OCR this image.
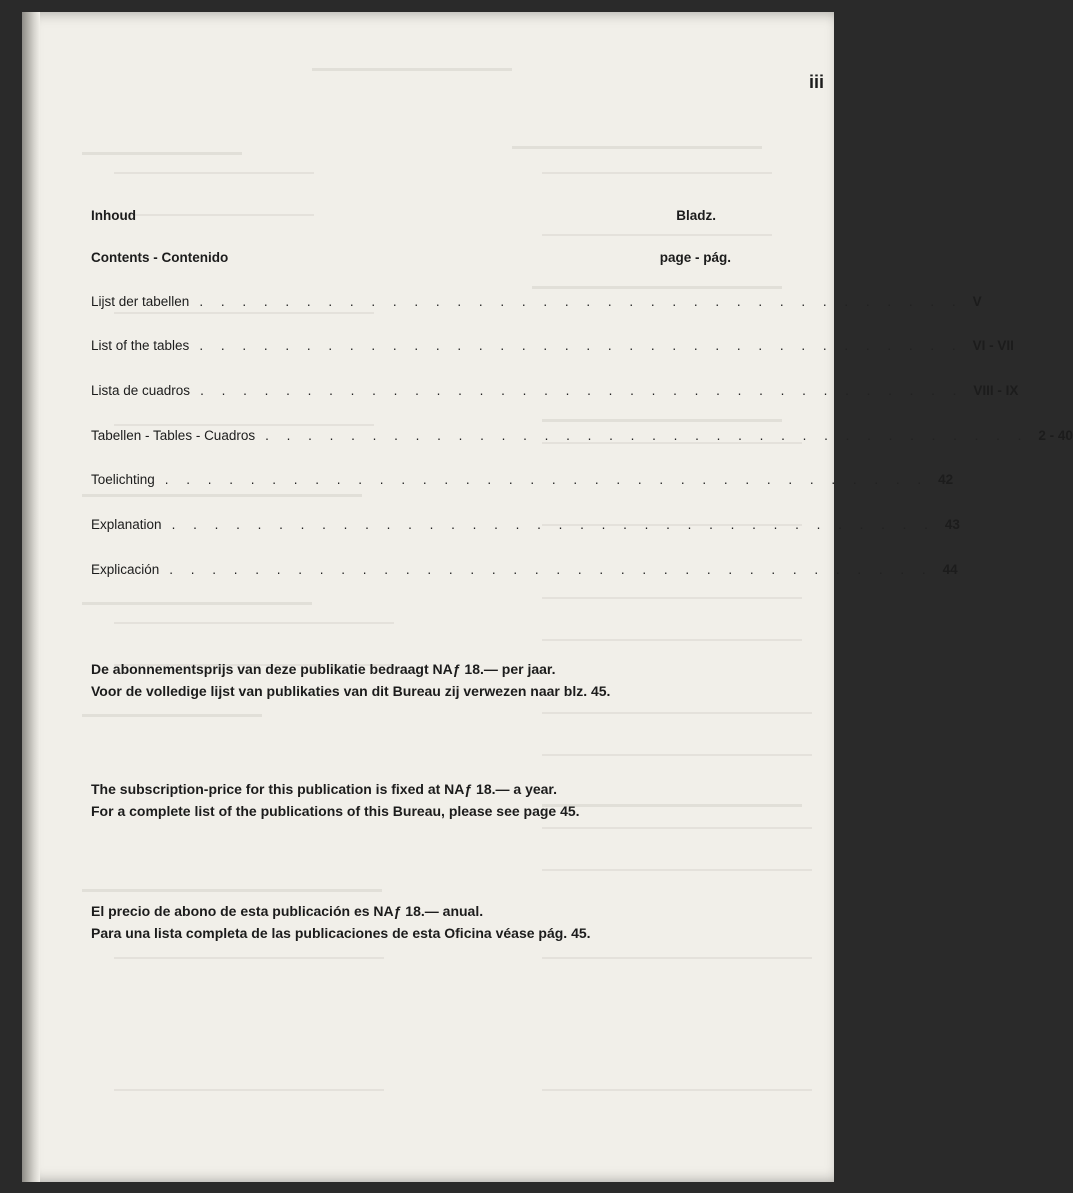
iii
Inhoud	Bladz.
Contents - Contenido	page - pág.
Lijst der tabellen . . . . . . . . . . . . . . . . . . . . . . . . . . . . . . . . . . . . V
List of the tables . . . . . . . . . . . . . . . . . . . . . . . . . . . . . . . . . . . . VI - VII
Lista de cuadros . . . . . . . . . . . . . . . . . . . . . . . . . . . . . . . . . . . . VIII - IX
Tabellen - Tables - Cuadros . . . . . . . . . . . . . . . . . . . . . . . . . . . . . . . . . . . . 2 - 40
Toelichting . . . . . . . . . . . . . . . . . . . . . . . . . . . . . . . . . . . . 42
Explanation . . . . . . . . . . . . . . . . . . . . . . . . . . . . . . . . . . . . 43
Explicación . . . . . . . . . . . . . . . . . . . . . . . . . . . . . . . . . . . . 44
De abonnementsprijs van deze publikatie bedraagt NAƒ 18.— per jaar.
Voor de volledige lijst van publikaties van dit Bureau zij verwezen naar blz. 45.
The subscription-price for this publication is fixed at NAƒ 18.— a year.
For a complete list of the publications of this Bureau, please see page 45.
El precio de abono de esta publicación es NAƒ 18.— anual.
Para una lista completa de las publicaciones de esta Oficina véase pág. 45.
